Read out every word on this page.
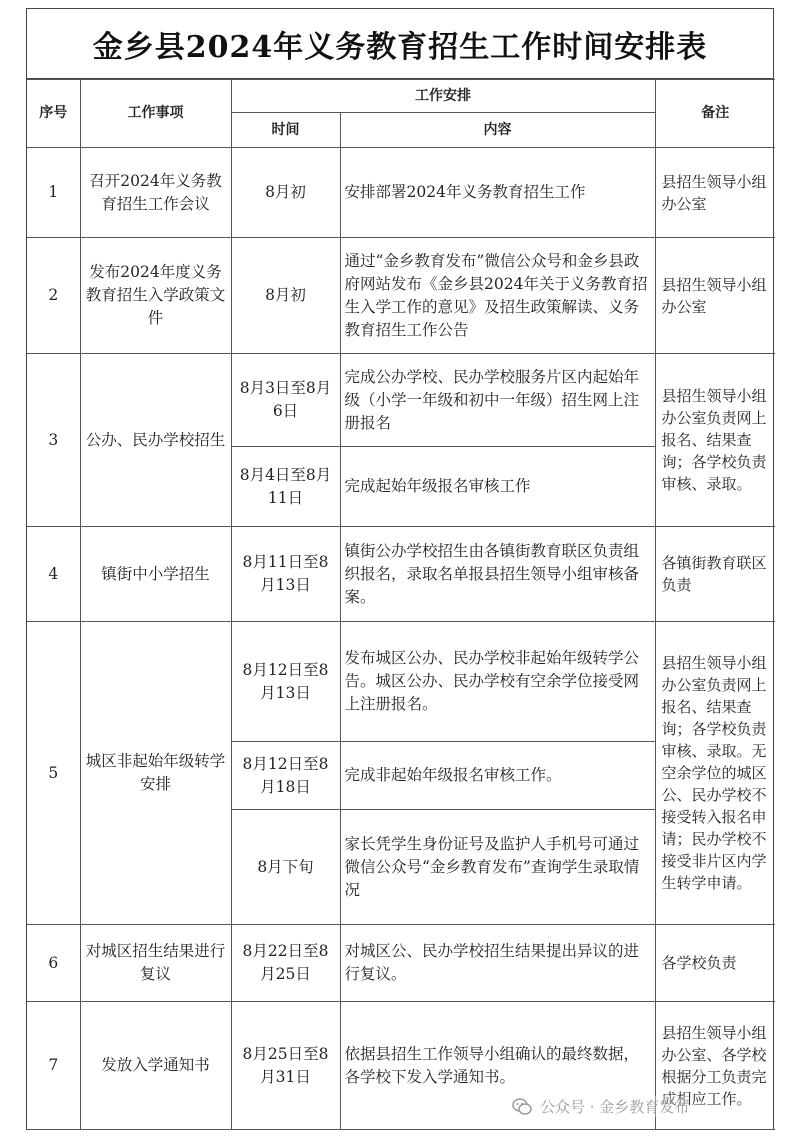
金乡县2024年义务教育招生工作时间安排表
序号	工作事项	工作安排		备注
		时间	内容	
1	召开2024年义务教育招生工作会议	8月初	安排部署2024年义务教育招生工作	县招生领导小组办公室
2	发布2024年度义务教育招生入学政策文件	8月初	通过“金乡教育发布”微信公众号和金乡县政府网站发布《金乡县2024年关于义务教育招生入学工作的意见》及招生政策解读、义务教育招生工作公告	县招生领导小组办公室
3	公办、民办学校招生	8月3日至8月6日	完成公办学校、民办学校服务片区内起始年级（小学一年级和初中一年级）招生网上注册报名	县招生领导小组办公室负责网上报名、结果查询；各学校负责审核、录取。
		8月4日至8月11日	完成起始年级报名审核工作	
4	镇街中小学招生	8月11日至8月13日	镇街公办学校招生由各镇街教育联区负责组织报名，录取名单报县招生领导小组审核备案。	各镇街教育联区负责
5	城区非起始年级转学安排	8月12日至8月13日	发布城区公办、民办学校非起始年级转学公告。城区公办、民办学校有空余学位接受网上注册报名。	县招生领导小组办公室负责网上报名、结果查询；各学校负责审核、录取。无空余学位的城区公、民办学校不接受转入报名申请；民办学校不接受非片区内学生转学申请。
		8月12日至8月18日	完成非起始年级报名审核工作。	
		8月下旬	家长凭学生身份证号及监护人手机号可通过微信公众号“金乡教育发布”查询学生录取情况	
6	对城区招生结果进行复议	8月22日至8月25日	对城区公、民办学校招生结果提出异议的进行复议。	各学校负责
7	发放入学通知书	8月25日至8月31日	依据县招生工作领导小组确认的最终数据，各学校下发入学通知书。	县招生领导小组办公室、各学校根据分工负责完成相应工作。
公众号 · 金乡教育发布
